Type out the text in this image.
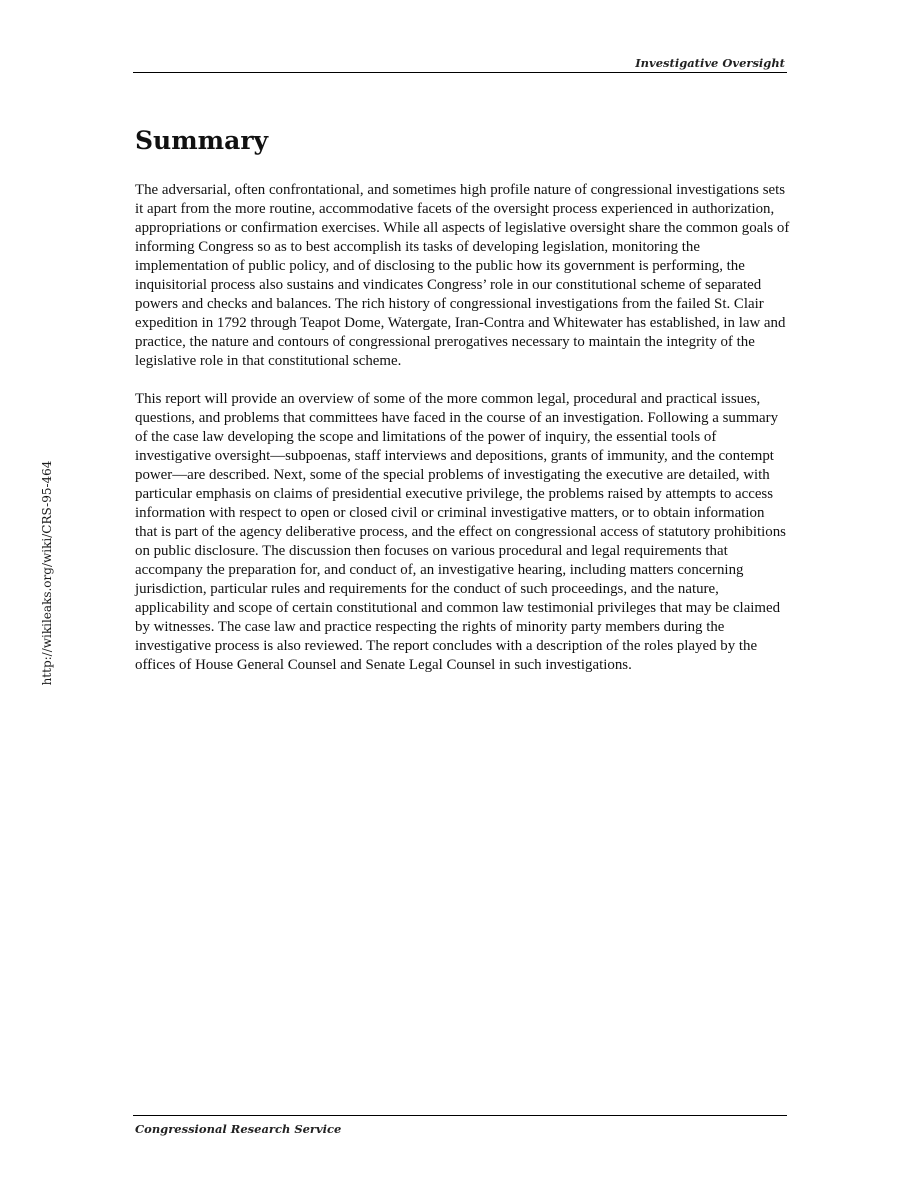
Investigative Oversight
http://wikileaks.org/wiki/CRS-95-464
Summary

The adversarial, often confrontational, and sometimes high profile nature of congressional investigations sets it apart from the more routine, accommodative facets of the oversight process experienced in authorization, appropriations or confirmation exercises. While all aspects of legislative oversight share the common goals of informing Congress so as to best accomplish its tasks of developing legislation, monitoring the implementation of public policy, and of disclosing to the public how its government is performing, the inquisitorial process also sustains and vindicates Congress’ role in our constitutional scheme of separated powers and checks and balances. The rich history of congressional investigations from the failed St. Clair expedition in 1792 through Teapot Dome, Watergate, Iran-Contra and Whitewater has established, in law and practice, the nature and contours of congressional prerogatives necessary to maintain the integrity of the legislative role in that constitutional scheme.

This report will provide an overview of some of the more common legal, procedural and practical issues, questions, and problems that committees have faced in the course of an investigation. Following a summary of the case law developing the scope and limitations of the power of inquiry, the essential tools of investigative oversight—subpoenas, staff interviews and depositions, grants of immunity, and the contempt power—are described. Next, some of the special problems of investigating the executive are detailed, with particular emphasis on claims of presidential executive privilege, the problems raised by attempts to access information with respect to open or closed civil or criminal investigative matters, or to obtain information that is part of the agency deliberative process, and the effect on congressional access of statutory prohibitions on public disclosure. The discussion then focuses on various procedural and legal requirements that accompany the preparation for, and conduct of, an investigative hearing, including matters concerning jurisdiction, particular rules and requirements for the conduct of such proceedings, and the nature, applicability and scope of certain constitutional and common law testimonial privileges that may be claimed by witnesses. The case law and practice respecting the rights of minority party members during the investigative process is also reviewed. The report concludes with a description of the roles played by the offices of House General Counsel and Senate Legal Counsel in such investigations.

Congressional Research Service
